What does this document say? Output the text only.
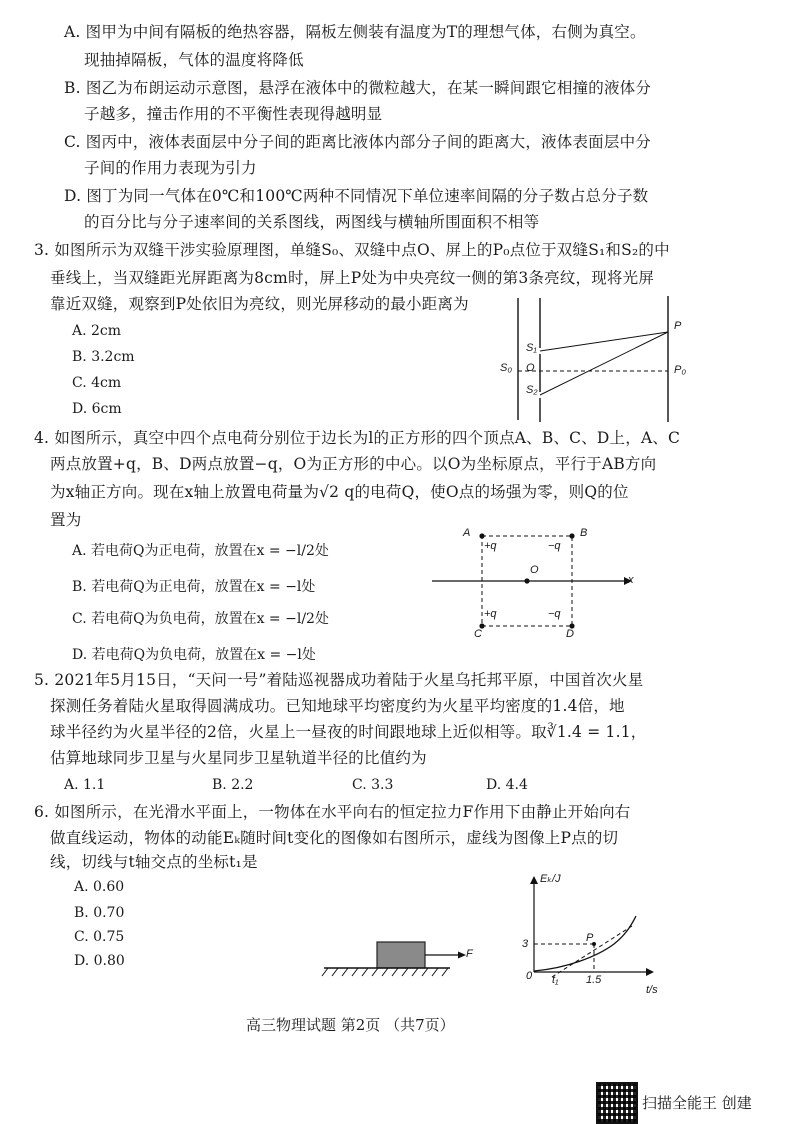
A. 图甲为中间有隔板的绝热容器，隔板左侧装有温度为T的理想气体，右侧为真空。
现抽掉隔板，气体的温度将降低
B. 图乙为布朗运动示意图，悬浮在液体中的微粒越大，在某一瞬间跟它相撞的液体分
子越多，撞击作用的不平衡性表现得越明显
C. 图丙中，液体表面层中分子间的距离比液体内部分子间的距离大，液体表面层中分
子间的作用力表现为引力
D. 图丁为同一气体在0℃和100℃两种不同情况下单位速率间隔的分子数占总分子数
的百分比与分子速率间的关系图线，两图线与横轴所围面积不相等
3. 如图所示为双缝干涉实验原理图，单缝S₀、双缝中点O、屏上的P₀点位于双缝S₁和S₂的中
垂线上，当双缝距光屏距离为8cm时，屏上P处为中央亮纹一侧的第3条亮纹，现将光屏
靠近双缝，观察到P处依旧为亮纹，则光屏移动的最小距离为
A. 2cm
B. 3.2cm
C. 4cm
D. 6cm
4. 如图所示，真空中四个点电荷分别位于边长为l的正方形的四个顶点A、B、C、D上，A、C
两点放置+q，B、D两点放置−q，O为正方形的中心。以O为坐标原点，平行于AB方向
为x轴正方向。现在x轴上放置电荷量为√2 q的电荷Q，使O点的场强为零，则Q的位
置为
A. 若电荷Q为正电荷，放置在x = −l/2处
B. 若电荷Q为正电荷，放置在x = −l处
C. 若电荷Q为负电荷，放置在x = −l/2处
D. 若电荷Q为负电荷，放置在x = −l处
5. 2021年5月15日，“天问一号”着陆巡视器成功着陆于火星乌托邦平原，中国首次火星
探测任务着陆火星取得圆满成功。已知地球平均密度约为火星平均密度的1.4倍，地
球半径约为火星半径的2倍，火星上一昼夜的时间跟地球上近似相等。取∛1.4 = 1.1，
估算地球同步卫星与火星同步卫星轨道半径的比值约为
A. 1.1	B. 2.2	C. 3.3	D. 4.4
6. 如图所示，在光滑水平面上，一物体在水平向右的恒定拉力F作用下由静止开始向右
做直线运动，物体的动能Eₖ随时间t变化的图像如右图所示，虚线为图像上P点的切
线，切线与t轴交点的坐标t₁是
A. 0.60
B. 0.70
C. 0.75
D. 0.80
S₁
S₀ O
S₂
P
P₀
A	B
+q	−q
O
x
+q	−q
C	D
F
Eₖ/J
3
0 t₁ 1.5
P
t/s
高三物理试题 第2页 （共7页）
扫描全能王 创建
